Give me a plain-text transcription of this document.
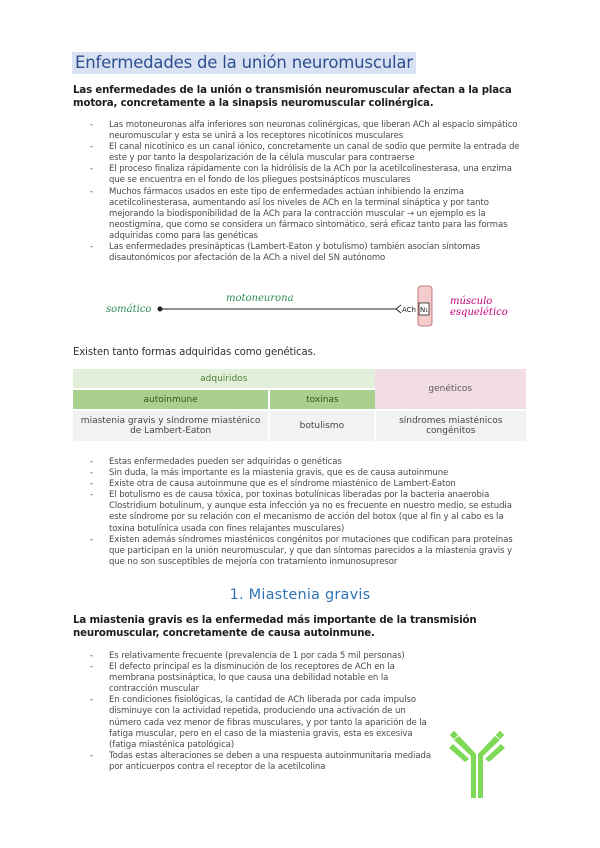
Enfermedades de la unión neuromuscular
Las enfermedades de la unión o transmisión neuromuscular afectan a la placa motora, concretamente a la sinapsis neuromuscular colinérgica.
- Las motoneuronas alfa inferiores son neuronas colinérgicas, que liberan ACh al espacio simpático neuromuscular y esta se unirá a los receptores nicotínicos musculares
- El canal nicotínico es un canal iónico, concretamente un canal de sodio que permite la entrada de este y por tanto la despolarización de la célula muscular para contraerse
- El proceso finaliza rápidamente con la hidrólisis de la ACh por la acetilcolinesterasa, una enzima que se encuentra en el fondo de los pliegues postsinápticos musculares
- Muchos fármacos usados en este tipo de enfermedades actúan inhibiendo la enzima acetilcolinesterasa, aumentando así los niveles de ACh en la terminal sináptica y por tanto mejorando la biodisponibilidad de la ACh para la contracción muscular → un ejemplo es la neostigmina, que como se considera un fármaco sintomático, será eficaz tanto para las formas adquiridas como para las genéticas
- Las enfermedades presinápticas (Lambert-Eaton y botulismo) también asocian síntomas disautonómicos por afectación de la ACh a nivel del SN autónomo
somático
motoneurona
ACh N₁
músculo
esquelético
Existen tanto formas adquiridas como genéticas.
adquiridos		genéticos
autoinmune	toxinas	
miastenia gravis y síndrome miasténico de Lambert-Eaton	botulismo	síndromes miasténicos congénitos
- Estas enfermedades pueden ser adquiridas o genéticas
- Sin duda, la más importante es la miastenia gravis, que es de causa autoinmune
- Existe otra de causa autoinmune que es el síndrome miasténico de Lambert-Eaton
- El botulismo es de causa tóxica, por toxinas botulínicas liberadas por la bacteria anaerobia Clostridium botulinum, y aunque esta infección ya no es frecuente en nuestro medio, se estudia este síndrome por su relación con el mecanismo de acción del botox (que al fin y al cabo es la toxina botulínica usada con fines relajantes musculares)
- Existen además síndromes miasténicos congénitos por mutaciones que codifican para proteínas que participan en la unión neuromuscular, y que dan síntomas parecidos a la miastenia gravis y que no son susceptibles de mejoría con tratamiento inmunosupresor
1. Miastenia gravis
La miastenia gravis es la enfermedad más importante de la transmisión neuromuscular, concretamente de causa autoinmune.
- Es relativamente frecuente (prevalencia de 1 por cada 5 mil personas)
- El defecto principal es la disminución de los receptores de ACh en la membrana postsináptica, lo que causa una debilidad notable en la contracción muscular
- En condiciones fisiológicas, la cantidad de ACh liberada por cada impulso disminuye con la actividad repetida, produciendo una activación de un número cada vez menor de fibras musculares, y por tanto la aparición de la fatiga muscular, pero en el caso de la miastenia gravis, esta es excesiva (fatiga miasténica patológica)
- Todas estas alteraciones se deben a una respuesta autoinmunitaria mediada por anticuerpos contra el receptor de la acetilcolina
